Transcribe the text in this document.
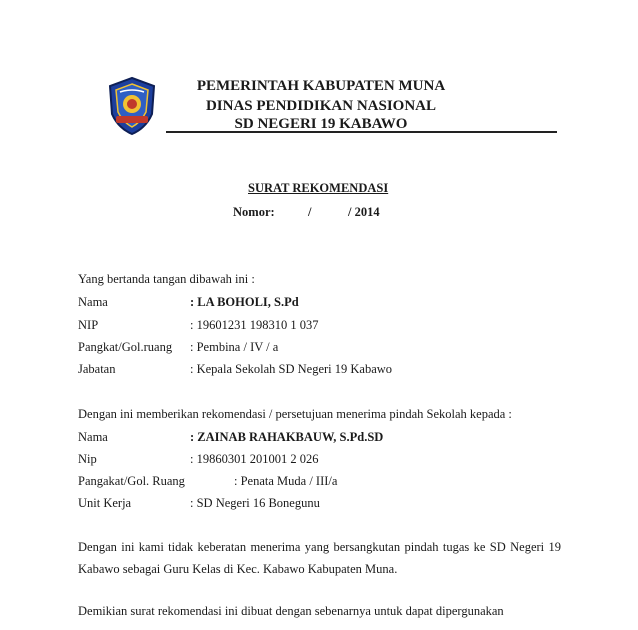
PEMERINTAH KABUPATEN MUNA
DINAS PENDIDIKAN NASIONAL
SD NEGERI 19 KABAWO
SURAT REKOMENDASI
Nomor:	/	/ 2014
Yang bertanda tangan dibawah ini :
Nama	: LA BOHOLI, S.Pd
NIP	: 19601231 198310 1 037
Pangkat/Gol.ruang : Pembina / IV / a
Jabatan	: Kepala Sekolah SD Negeri 19 Kabawo
Dengan ini memberikan rekomendasi / persetujuan menerima pindah Sekolah kepada :
Nama	: ZAINAB RAHAKBAUW, S.Pd.SD
Nip	: 19860301 201001 2 026
Pangakat/Gol. Ruang	: Penata Muda / III/a
Unit Kerja	: SD Negeri 16 Bonegunu
Dengan ini kami tidak keberatan menerima yang bersangkutan pindah tugas ke SD Negeri 19 Kabawo sebagai Guru Kelas di Kec. Kabawo Kabupaten Muna.
Demikian surat rekomendasi ini dibuat dengan sebenarnya untuk dapat dipergunakan
